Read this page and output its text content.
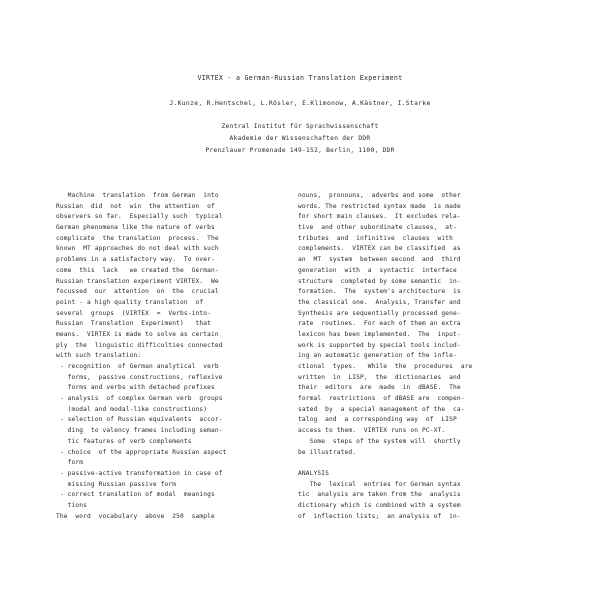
VIRTEX - a German-Russian Translation Experiment
J.Kunze, R.Hentschel, L.Rösler, E.Klimonow, A.Kästner, I.Starke
Zentral Institut für Sprachwissenschaft
Akademie der Wissenschaften der DDR
Prenzlauer Promenade 149-152, Berlin, 1100, DDR
Machine  translation  from German  into
Russian  did  not  win  the attention  of
observers so far.  Especially such  typical
German phenomena like the nature of verbs
complicate  the translation  process.  The
known  MT approaches do not deal with such
problems in a satisfactory way.  To over-
come  this  lack   we created the  German-
Russian translation experiment VIRTEX.  We
focussed  our  attention  on  the  crucial
point - a high quality translation  of
several  groups  (VIRTEX  =  Verbs-into-
Russian  Translation  Experiment)   that
means.  VIRTEX is made to solve as certain
ply  the  linguistic difficulties connected
with such translation:
- recognition  of German analytical  verb
forms,  passive constructions, reflexive
forms and verbs with detached prefixes
- analysis  of complex German verb  groups
(modal and modal-like constructions)
- selection of Russian equivalents  accor-
ding  to valency frames including seman-
tic features of verb complements
- choice  of the appropriate Russian aspect
form
- passive-active transformation in case of
missing Russian passive form
- correct translation of modal  meanings
tions
The  word  vocabulary  above  250  sample
nouns,  pronouns,  adverbs and some  other
words. The restricted syntax made  is made
for short main clauses.  It excludes rela-
tive  and other subordinate clauses,  at-
tributes  and  infinitive  clauses  with
complements.  VIRTEX can be classified  as
an  MT  system  between second  and  third
generation  with  a  syntactic  interface
structure  completed by some semantic  in-
formation.  The  system's architecture  is
the classical one.  Analysis, Transfer and
Synthesis are sequentially processed gene-
rate  routines.  For each of them an extra
lexicon has been implemented.  The  input-
work is supported by special tools includ-
ing an automatic generation of the infle-
ctional  types.   While  the  procedures  are
written  in  LISP,  the  dictionaries  and
their  editors  are  made  in  dBASE.  The
formal  restrictions  of dBASE are  compen-
sated  by  a special management of the  ca-
talog  and  a corresponding way  of  LISP
access to them.  VIRTEX runs on PC-XT.
Some  steps of the system will  shortly
be illustrated.
ANALYSIS
The  lexical  entries for German syntax
tic  analysis are taken from the  analysis
dictionary which is combined with a system
of  inflection lists;  an analysis of  in-
